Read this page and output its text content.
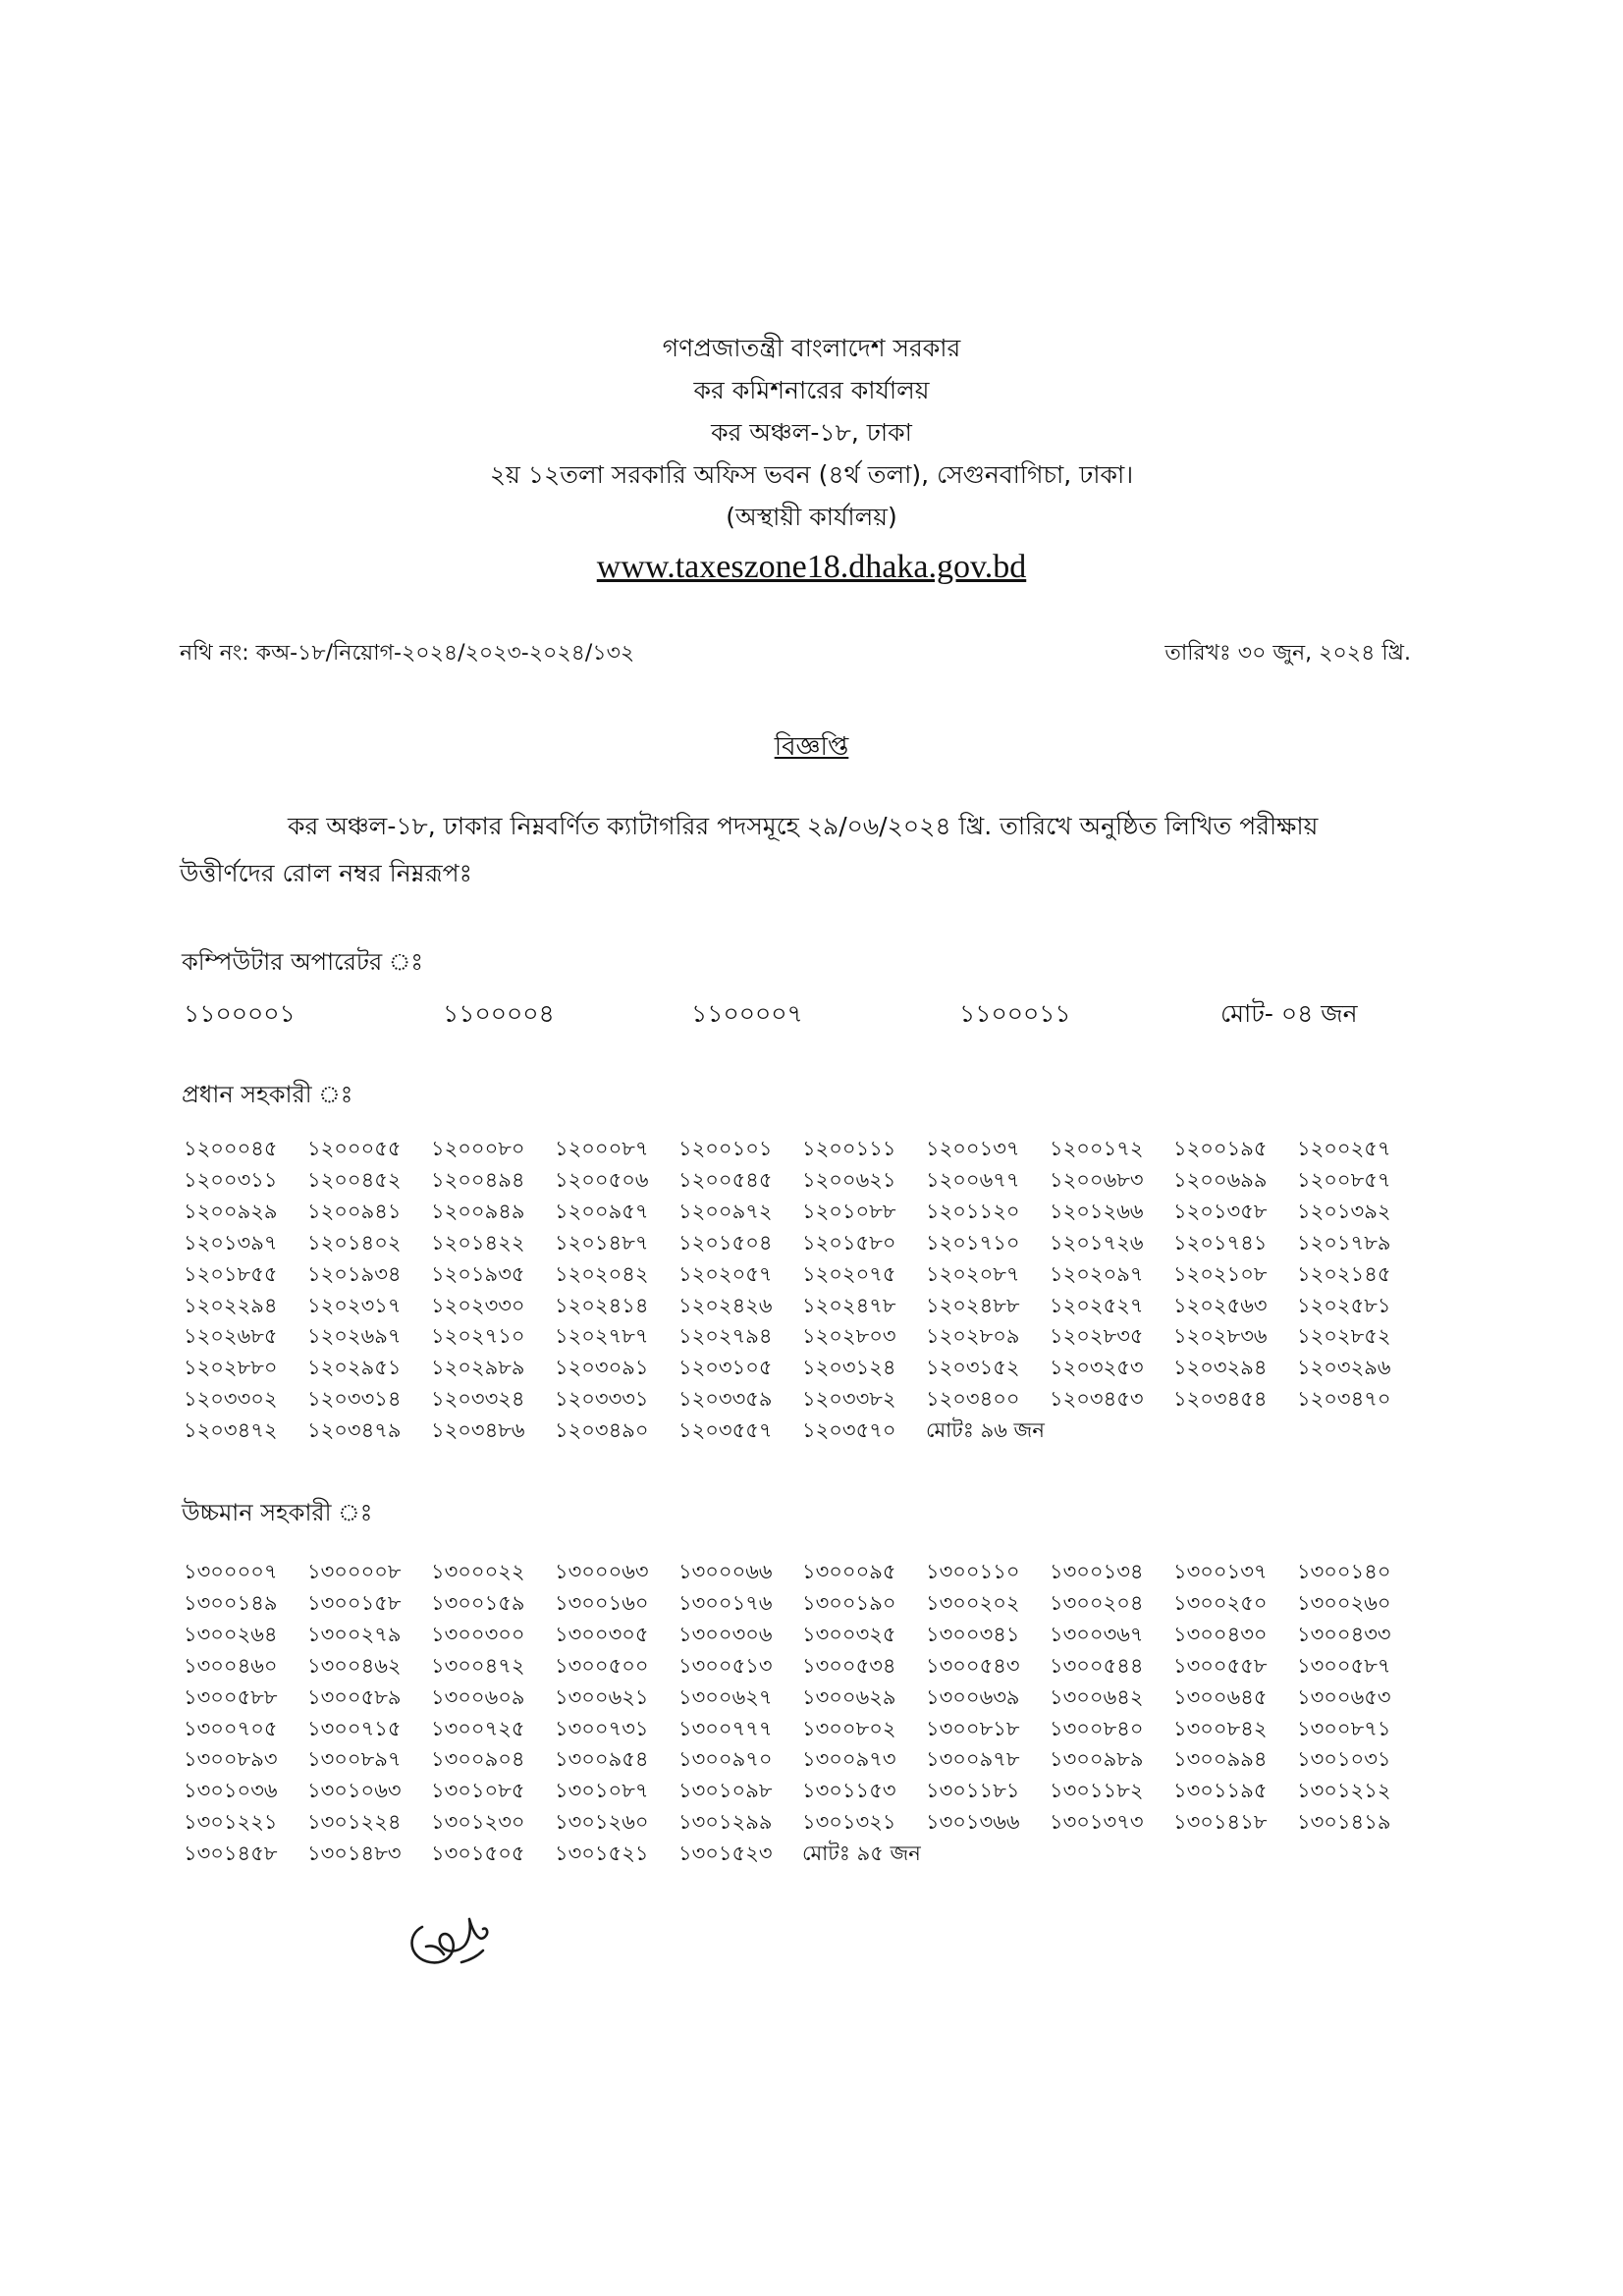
গণপ্রজাতন্ত্রী বাংলাদেশ সরকার
কর কমিশনারের কার্যালয়
কর অঞ্চল-১৮, ঢাকা
২য় ১২তলা সরকারি অফিস ভবন (৪র্থ তলা), সেগুনবাগিচা, ঢাকা।
(অস্থায়ী কার্যালয়)
www.taxeszone18.dhaka.gov.bd
নথি নং: কঅ-১৮/নিয়োগ-২০২৪/২০২৩-২০২৪/১৩২	তারিখঃ ৩০ জুন, ২০২৪ খ্রি.
বিজ্ঞপ্তি
কর অঞ্চল-১৮, ঢাকার নিম্নবর্ণিত ক্যাটাগরির পদসমূহে ২৯/০৬/২০২৪ খ্রি. তারিখে অনুষ্ঠিত লিখিত পরীক্ষায়
উত্তীর্ণদের রোল নম্বর নিম্নরূপঃ
কম্পিউটার অপারেটর ঃ
১১০০০০১	১১০০০০৪	১১০০০০৭	১১০০০১১	মোট- ০৪ জন
প্রধান সহকারী ঃ
১২০০০৪৫	১২০০০৫৫	১২০০০৮০	১২০০০৮৭	১২০০১০১	১২০০১১১	১২০০১৩৭	১২০০১৭২	১২০০১৯৫	১২০০২৫৭
১২০০৩১১	১২০০৪৫২	১২০০৪৯৪	১২০০৫০৬	১২০০৫৪৫	১২০০৬২১	১২০০৬৭৭	১২০০৬৮৩	১২০০৬৯৯	১২০০৮৫৭
১২০০৯২৯	১২০০৯৪১	১২০০৯৪৯	১২০০৯৫৭	১২০০৯৭২	১২০১০৮৮	১২০১১২০	১২০১২৬৬	১২০১৩৫৮	১২০১৩৯২
১২০১৩৯৭	১২০১৪০২	১২০১৪২২	১২০১৪৮৭	১২০১৫০৪	১২০১৫৮০	১২০১৭১০	১২০১৭২৬	১২০১৭৪১	১২০১৭৮৯
১২০১৮৫৫	১২০১৯৩৪	১২০১৯৩৫	১২০২০৪২	১২০২০৫৭	১২০২০৭৫	১২০২০৮৭	১২০২০৯৭	১২০২১০৮	১২০২১৪৫
১২০২২৯৪	১২০২৩১৭	১২০২৩৩০	১২০২৪১৪	১২০২৪২৬	১২০২৪৭৮	১২০২৪৮৮	১২০২৫২৭	১২০২৫৬৩	১২০২৫৮১
১২০২৬৮৫	১২০২৬৯৭	১২০২৭১০	১২০২৭৮৭	১২০২৭৯৪	১২০২৮০৩	১২০২৮০৯	১২০২৮৩৫	১২০২৮৩৬	১২০২৮৫২
১২০২৮৮০	১২০২৯৫১	১২০২৯৮৯	১২০৩০৯১	১২০৩১০৫	১২০৩১২৪	১২০৩১৫২	১২০৩২৫৩	১২০৩২৯৪	১২০৩২৯৬
১২০৩৩০২	১২০৩৩১৪	১২০৩৩২৪	১২০৩৩৩১	১২০৩৩৫৯	১২০৩৩৮২	১২০৩৪০০	১২০৩৪৫৩	১২০৩৪৫৪	১২০৩৪৭০
১২০৩৪৭২	১২০৩৪৭৯	১২০৩৪৮৬	১২০৩৪৯০	১২০৩৫৫৭	১২০৩৫৭০	মোটঃ ৯৬ জন
উচ্চমান সহকারী ঃ
১৩০০০০৭	১৩০০০০৮	১৩০০০২২	১৩০০০৬৩	১৩০০০৬৬	১৩০০০৯৫	১৩০০১১০	১৩০০১৩৪	১৩০০১৩৭	১৩০০১৪০
১৩০০১৪৯	১৩০০১৫৮	১৩০০১৫৯	১৩০০১৬০	১৩০০১৭৬	১৩০০১৯০	১৩০০২০২	১৩০০২০৪	১৩০০২৫০	১৩০০২৬০
১৩০০২৬৪	১৩০০২৭৯	১৩০০৩০০	১৩০০৩০৫	১৩০০৩০৬	১৩০০৩২৫	১৩০০৩৪১	১৩০০৩৬৭	১৩০০৪৩০	১৩০০৪৩৩
১৩০০৪৬০	১৩০০৪৬২	১৩০০৪৭২	১৩০০৫০০	১৩০০৫১৩	১৩০০৫৩৪	১৩০০৫৪৩	১৩০০৫৪৪	১৩০০৫৫৮	১৩০০৫৮৭
১৩০০৫৮৮	১৩০০৫৮৯	১৩০০৬০৯	১৩০০৬২১	১৩০০৬২৭	১৩০০৬২৯	১৩০০৬৩৯	১৩০০৬৪২	১৩০০৬৪৫	১৩০০৬৫৩
১৩০০৭০৫	১৩০০৭১৫	১৩০০৭২৫	১৩০০৭৩১	১৩০০৭৭৭	১৩০০৮০২	১৩০০৮১৮	১৩০০৮৪০	১৩০০৮৪২	১৩০০৮৭১
১৩০০৮৯৩	১৩০০৮৯৭	১৩০০৯০৪	১৩০০৯৫৪	১৩০০৯৭০	১৩০০৯৭৩	১৩০০৯৭৮	১৩০০৯৮৯	১৩০০৯৯৪	১৩০১০৩১
১৩০১০৩৬	১৩০১০৬৩	১৩০১০৮৫	১৩০১০৮৭	১৩০১০৯৮	১৩০১১৫৩	১৩০১১৮১	১৩০১১৮২	১৩০১১৯৫	১৩০১২১২
১৩০১২২১	১৩০১২২৪	১৩০১২৩০	১৩০১২৬০	১৩০১২৯৯	১৩০১৩২১	১৩০১৩৬৬	১৩০১৩৭৩	১৩০১৪১৮	১৩০১৪১৯
১৩০১৪৫৮	১৩০১৪৮৩	১৩০১৫০৫	১৩০১৫২১	১৩০১৫২৩	মোটঃ ৯৫ জন
